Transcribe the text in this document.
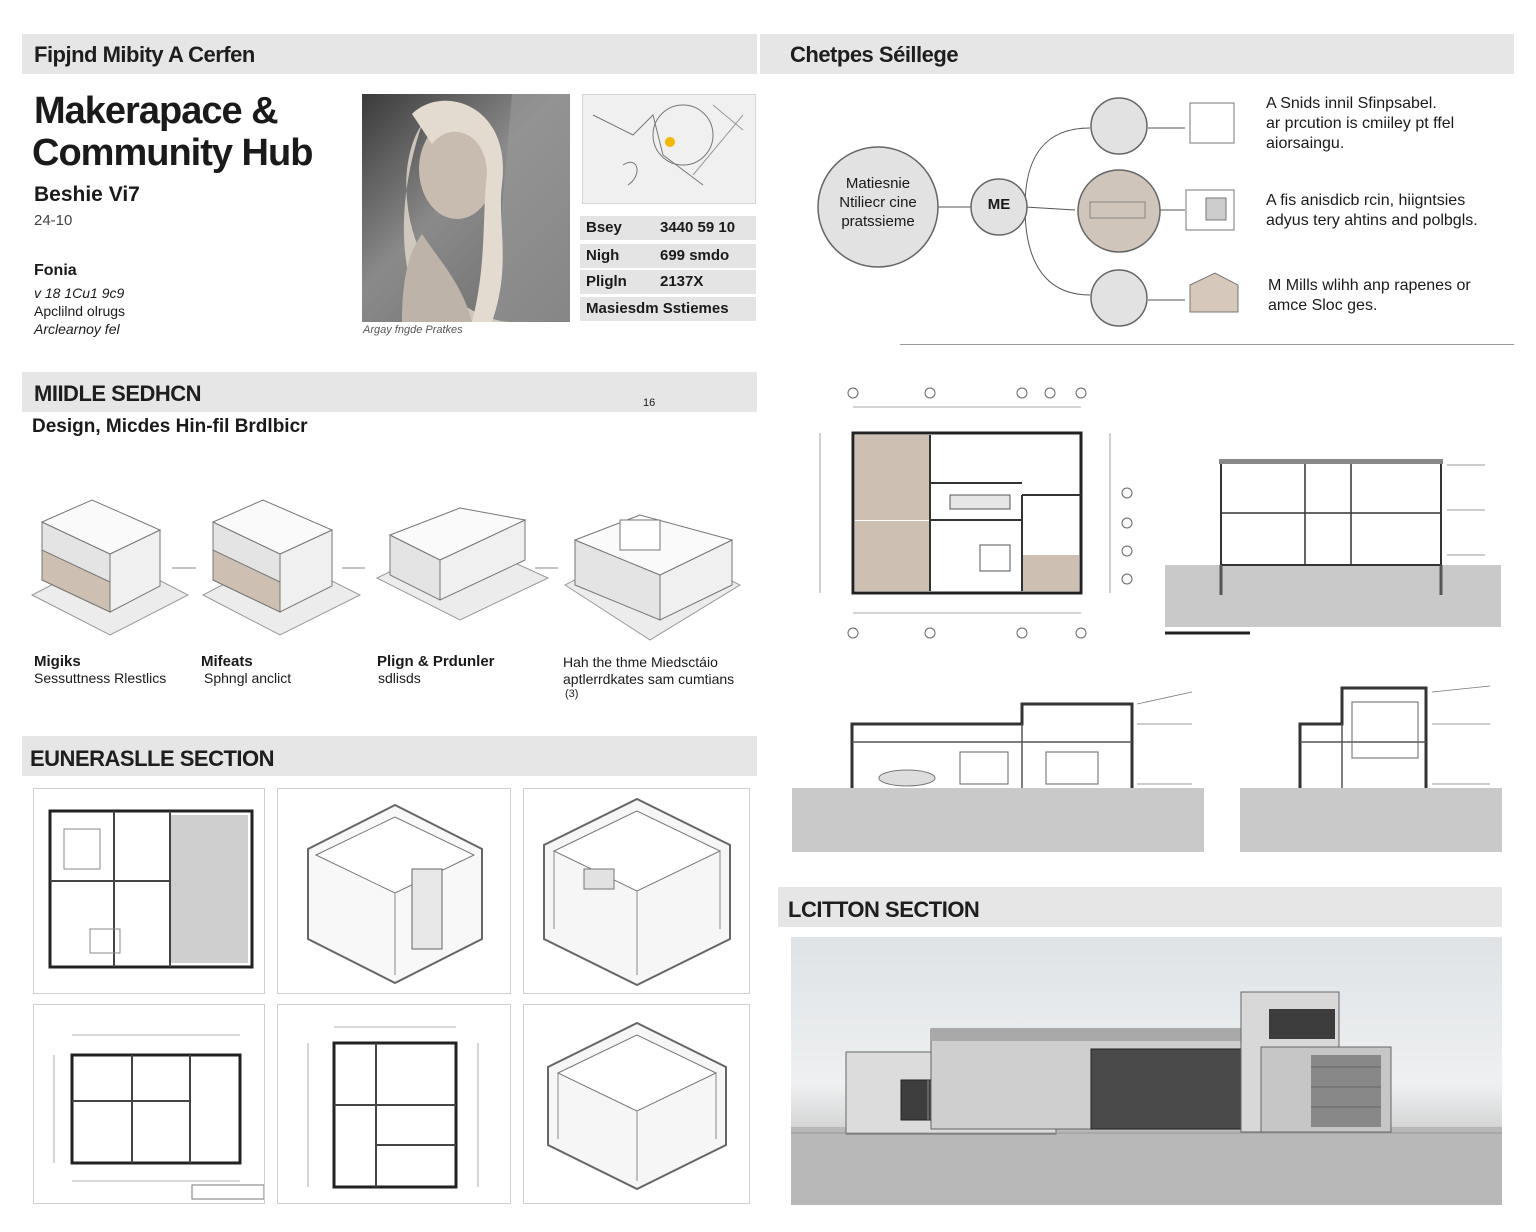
Fipjnd Mibity A Cerfen	Chetpes Séillege
Makerapace &
Community Hub
Beshie Vi7
24-10
Fonia
v 18 1Cu1 9c9
Apclilnd olrugs
Arclearnoy fel	Argay fngde Pratkes
Bsey	3440 59 10
Nigh	699 smdo
Pligln 2137X
Masiesdm Sstiemes
Matiesnie
Ntiliecr cine
pratssieme
ME
A Snids innil Sfinpsabel.
ar prcution is cmiiley pt ffel
aiorsaingu.
A fis anisdicb rcin, hiigntsies
adyus tery ahtins and polbgls.
M Mills wlihh anp rapenes or
amce Sloc ges.
MIIDLE SEDHCN	16
Design, Micdes Hin-fil Brdlbicr
Migiks
Sessuttness Rlestlics
Mifeats
Sphngl anclict
Plign & Prdunler
sdlisds
Hah the thme Miedsctáio
aptlerrdkates sam cumtians
(3)
EUNERASLLE SECTION
LCITTON SECTION
